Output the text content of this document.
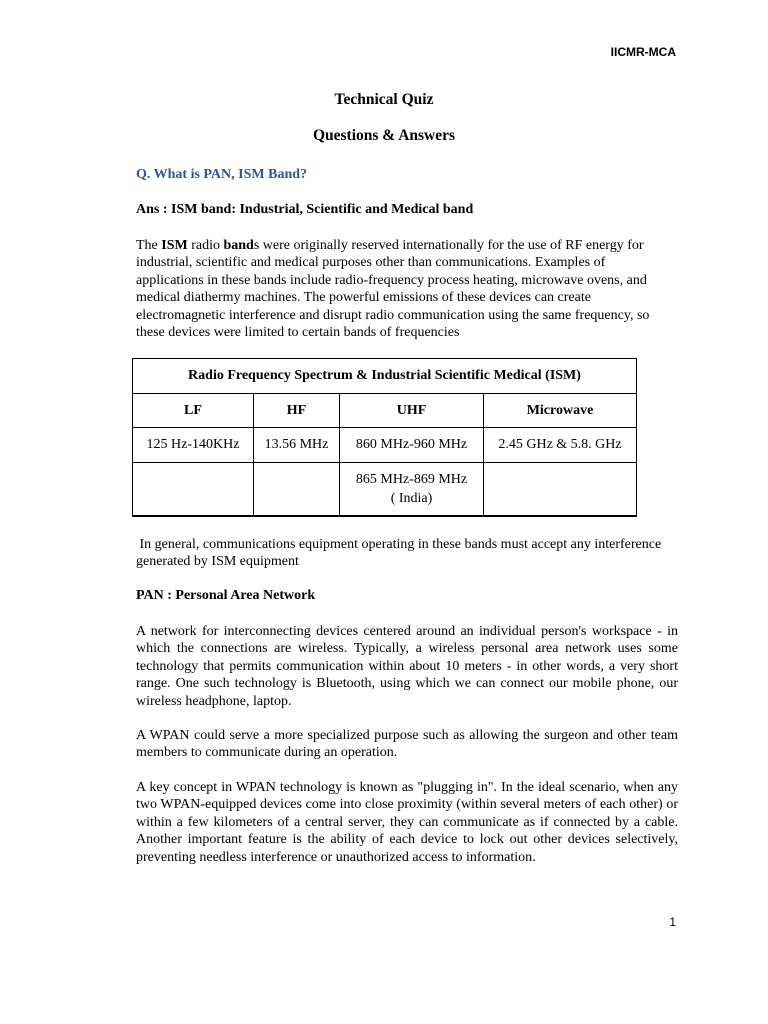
IICMR-MCA
Technical Quiz
Questions & Answers
Q. What is PAN, ISM Band?
Ans : ISM band: Industrial, Scientific and Medical band

The ISM radio bands were originally reserved internationally for the use of RF energy for industrial, scientific and medical purposes other than communications. Examples of applications in these bands include radio-frequency process heating, microwave ovens, and medical diathermy machines. The powerful emissions of these devices can create electromagnetic interference and disrupt radio communication using the same frequency, so these devices were limited to certain bands of frequencies

Radio Frequency Spectrum & Industrial Scientific Medical (ISM)			
LF	HF	UHF	Microwave
125 Hz-140KHz	13.56 MHz	860 MHz-960 MHz	2.45 GHz & 5.8. GHz

		865 MHz-869 MHz
( India)	

In general, communications equipment operating in these bands must accept any interference generated by ISM equipment

PAN : Personal Area Network

A network for interconnecting devices centered around an individual person's workspace - in which the connections are wireless. Typically, a wireless personal area network uses some technology that permits communication within about 10 meters - in other words, a very short range. One such technology is Bluetooth, using which we can connect our mobile phone, our wireless headphone, laptop.

A WPAN could serve a more specialized purpose such as allowing the surgeon and other team members to communicate during an operation.

A key concept in WPAN technology is known as "plugging in". In the ideal scenario, when any two WPAN-equipped devices come into close proximity (within several meters of each other) or within a few kilometers of a central server, they can communicate as if connected by a cable. Another important feature is the ability of each device to lock out other devices selectively, preventing needless interference or unauthorized access to information.

1
